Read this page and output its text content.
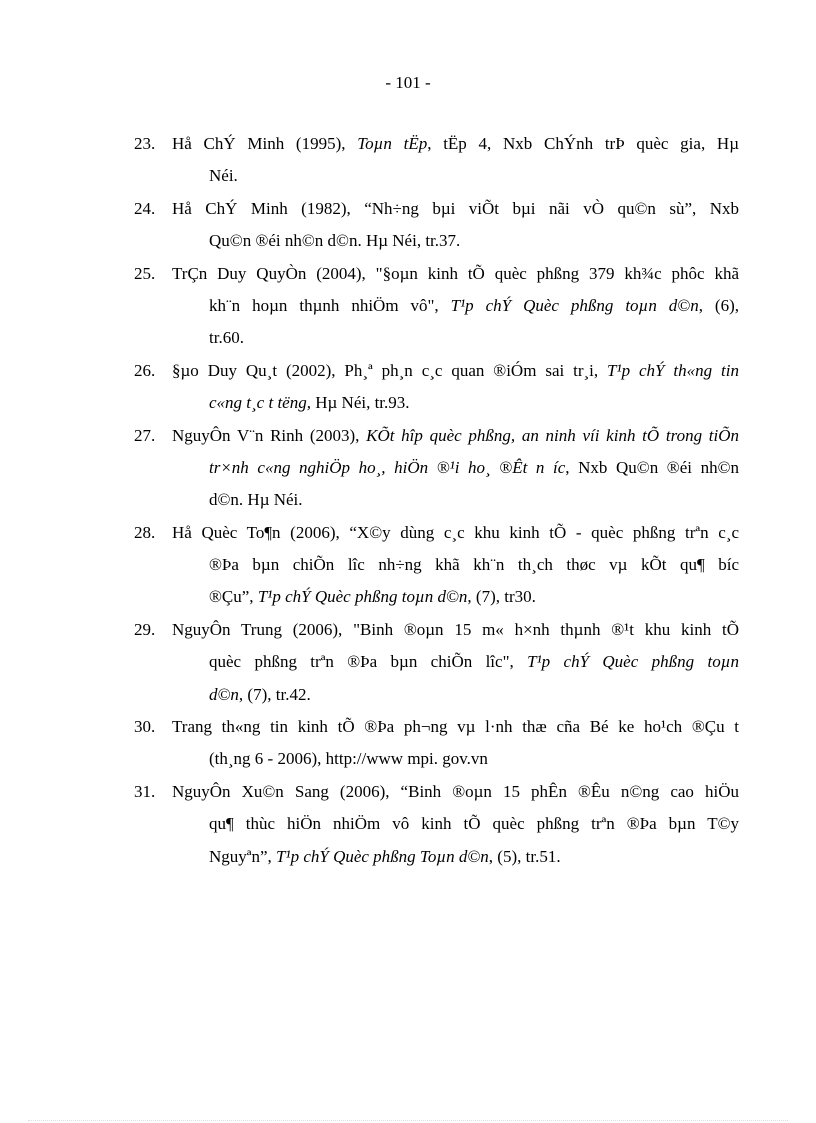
- 101 -
23. Hå ChÝ Minh (1995), Toµn tËp, tËp 4, Nxb ChÝnh trÞ quèc gia, Hµ
Néi.
24. Hå ChÝ Minh (1982), “Nh÷ng bµi viÕt bµi nãi vÒ qu©n sù”, Nxb
Qu©n ®éi nh©n d©n. Hµ Néi, tr.37.
25. TrÇn Duy QuyÒn (2004), "§oµn kinh tÕ quèc phßng 379 kh¾c phôc khã
kh¨n hoµn thµnh nhiÖm vô", T¹p chÝ Quèc phßng toµn d©n, (6),
tr.60.
26. §µo Duy Qu¸t (2002), Ph¸ª ph¸n c¸c quan ®iÓm sai tr¸i, T¹p chÝ th«ng tin
c«ng t¸c t tëng, Hµ Néi, tr.93.
27. NguyÔn V¨n Rinh (2003), KÕt hîp quèc phßng, an ninh víi kinh tÕ trong tiÕn
tr×nh c«ng nghiÖp ho¸, hiÖn ®¹i ho¸ ®Êt n íc, Nxb Qu©n ®éi nh©n
d©n. Hµ Néi.
28. Hå Quèc To¶n (2006), “X©y dùng c¸c khu kinh tÕ - quèc phßng trªn c¸c
®Þa bµn chiÕn lîc nh÷ng khã kh¨n th¸ch thøc vµ kÕt qu¶ bíc
®Çu”, T¹p chÝ Quèc phßng toµn d©n, (7), tr30.
29. NguyÔn Trung (2006), "Binh ®oµn 15 m« h×nh thµnh ®¹t khu kinh tÕ
quèc phßng trªn ®Þa bµn chiÕn lîc", T¹p chÝ Quèc phßng toµn
d©n, (7), tr.42.
30. Trang th«ng tin kinh tÕ ®Þa ph¬ng vµ l·nh thæ cña Bé ke ho¹ch ®Çu t
(th¸ng 6 - 2006), http://www mpi. gov.vn
31. NguyÔn Xu©n Sang (2006), “Binh ®oµn 15 phÊn ®Êu n©ng cao hiÖu
qu¶ thùc hiÖn nhiÖm vô kinh tÕ quèc phßng trªn ®Þa bµn T©y
Nguyªn”, T¹p chÝ Quèc phßng Toµn d©n, (5), tr.51.
